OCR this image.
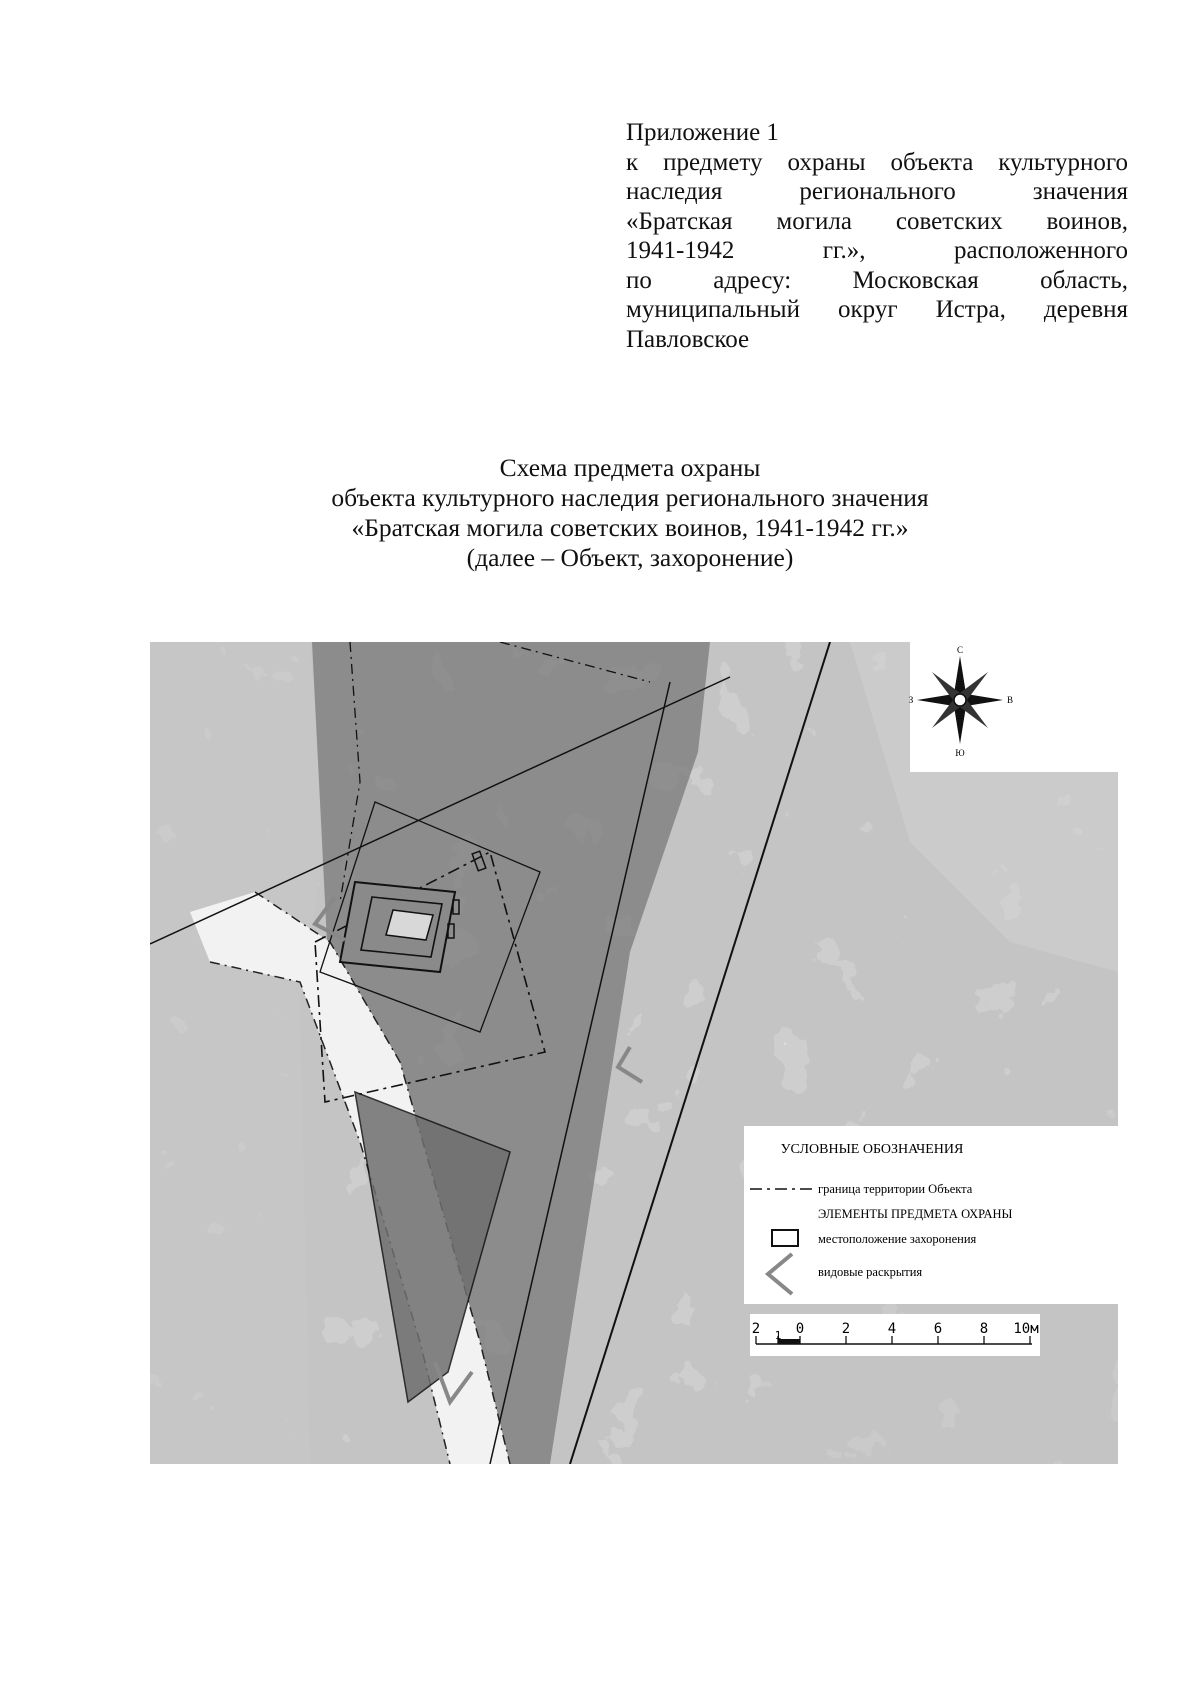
Приложение 1
к предмету охраны объекта культурного
наследия регионального значения
«Братская могила советских воинов,
1941-1942 гг.», расположенного
по адресу: Московская область,
муниципальный округ Истра, деревня
Павловское
Схема предмета охраны
объекта культурного наследия регионального значения
«Братская могила советских воинов, 1941-1942 гг.»
(далее – Объект, захоронение)
С
Ю
З	В
УСЛОВНЫЕ ОБОЗНАЧЕНИЯ
граница территории Объекта
ЭЛЕМЕНТЫ ПРЕДМЕТА ОХРАНЫ
местоположение захоронения
видовые раскрытия
2 1 0	2	4	6	8 10м
